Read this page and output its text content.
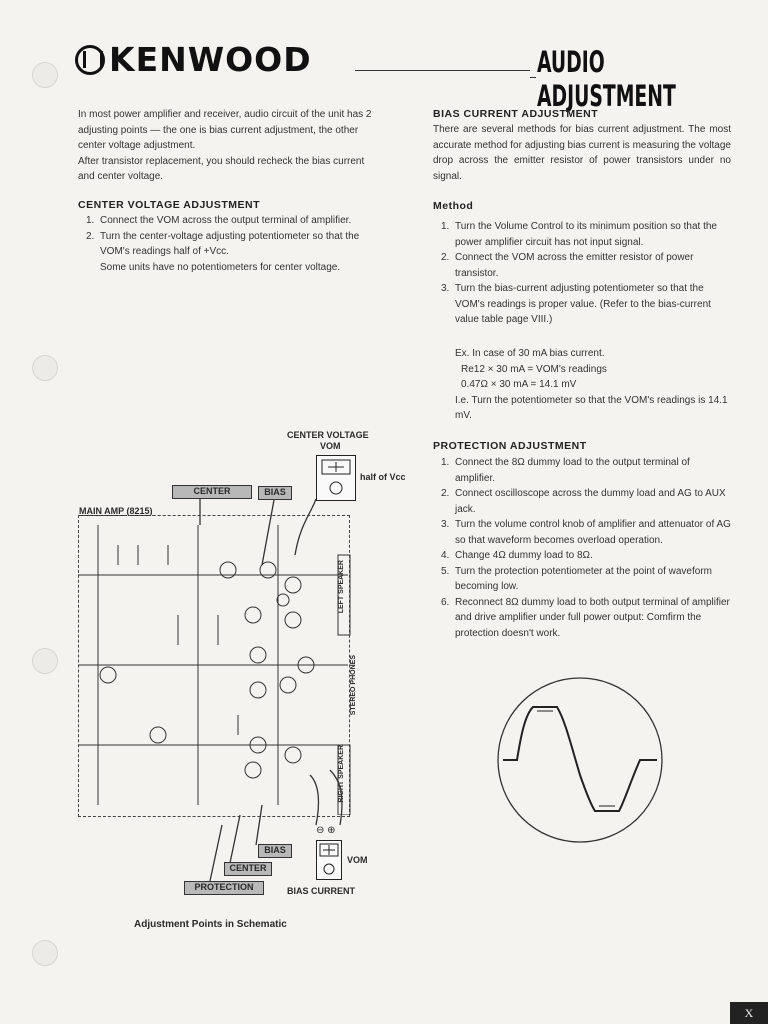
KENWOOD	AUDIO ADJUSTMENT
In most power amplifier and receiver, audio circuit of the unit has 2 adjusting points — the one is bias current adjustment, the other center voltage adjustment.
After transistor replacement, you should recheck the bias current and center voltage.
CENTER VOLTAGE ADJUSTMENT
1. Connect the VOM across the output terminal of amplifier.
2. Turn the center-voltage adjusting potentiometer so that the VOM's readings half of +Vcc.
Some units have no potentiometers for center voltage.
BIAS CURRENT ADJUSTMENT
There are several methods for bias current adjustment. The most accurate method for adjusting bias current is measuring the voltage drop across the emitter resistor of power transistors under no signal.
Method
1. Turn the Volume Control to its minimum position so that the power amplifier circuit has not input signal.
2. Connect the VOM across the emitter resistor of power transistor.
3. Turn the bias-current adjusting potentiometer so that the VOM's readings is proper value. (Refer to the bias-current value table page VIII.)
Ex. In case of 30 mA bias current.
Re12 × 30 mA = VOM's readings
0.47Ω × 30 mA = 14.1 mV
I.e. Turn the potentiometer so that the VOM's readings is 14.1 mV.
PROTECTION ADJUSTMENT
1. Connect the 8Ω dummy load to the output terminal of amplifier.
2. Connect oscilloscope across the dummy load and AG to AUX jack.
3. Turn the volume control knob of amplifier and attenuator of AG so that waveform becomes overload operation.
4. Change 4Ω dummy load to 8Ω.
5. Turn the protection potentiometer at the point of waveform becoming low.
6. Reconnect 8Ω dummy load to both output terminal of amplifier and drive amplifier under full power output: Comfirm the protection doesn't work.
CENTER VOLTAGE
VOM
half of Vcc
CENTER	BIAS
MAIN AMP (8215)
LEFT SPEAKER
RIGHT SPEAKER
STEREO PHONES
⊖ ⊕
VOM
BIAS
CENTER
PROTECTION	BIAS CURRENT
Adjustment Points in Schematic
X
